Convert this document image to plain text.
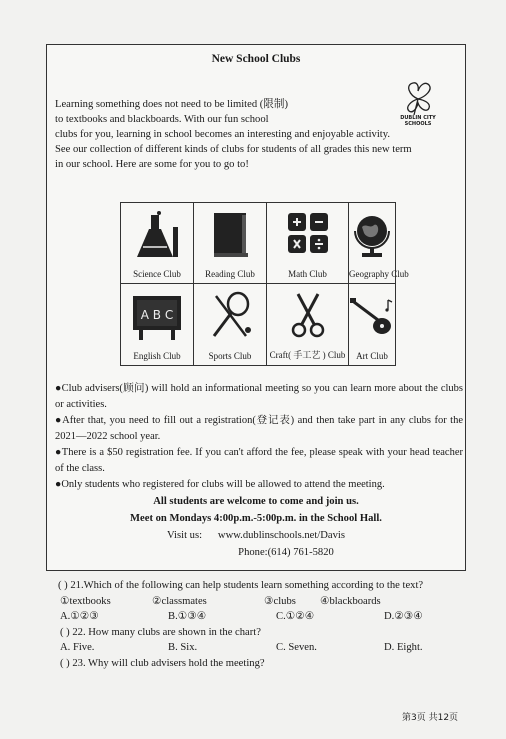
New School Clubs
DUBLIN CITY SCHOOLS
Learning something does not need to be limited (限制)
to textbooks and blackboards. With our fun school
clubs for you, learning in school becomes an interesting and enjoyable activity.
See our collection of different kinds of clubs for students of all grades this new term
in our school. Here are some for you to go to!
Science Club	Reading Club	Math Club	Geography Club
A B C
English Club	Sports Club	Craft( 手工艺 ) Club	Art Club
●Club advisers(顾问) will hold an informational meeting so you can learn more about the clubs or activities.
●After that, you need to fill out a registration(登记表) and then take part in any clubs for the 2021—2022 school year.
●There is a $50 registration fee. If you can't afford the fee, please speak with your head teacher of the class.
●Only students who registered for clubs will be allowed to attend the meeting.
All students are welcome to come and join us.
Meet on Mondays 4:00p.m.-5:00p.m. in the School Hall.
Visit us: www.dublinschools.net/Davis
Phone:(614) 761-5820
( ) 21.Which of the following can help students learn something according to the text?
①textbooks	②classmates	③clubs	④blackboards
A.①②③	B.①③④	C.①②④	D.②③④
( ) 22. How many clubs are shown in the chart?
A. Five.	B. Six.	C. Seven.	D. Eight.
( ) 23. Why will club advisers hold the meeting?
第3页 共12页
